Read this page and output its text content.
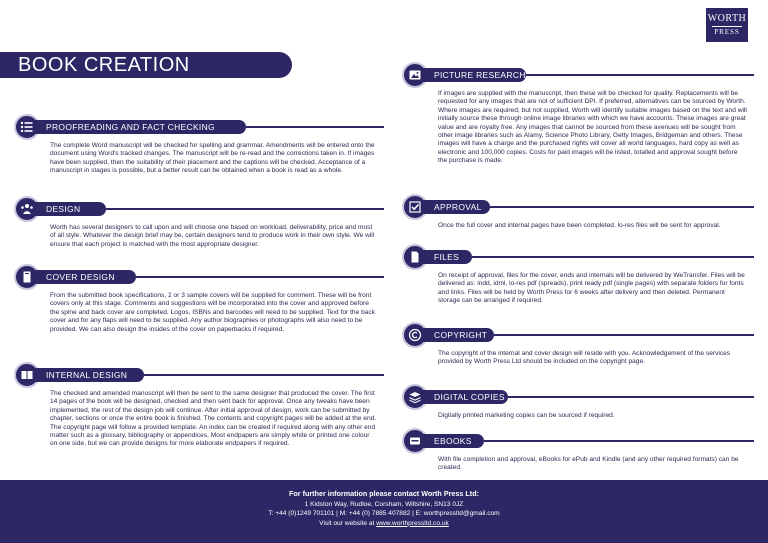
WORTH
PRESS
BOOK CREATION SERVICES
PROOFREADING AND FACT CHECKING
The complete Word manuscript will be checked for spelling and grammar. Amendments will be entered onto the document using Word's tracked changes. The manuscript will be re-read and the corrections taken in. If images have been supplied, then the suitability of their placement and the captions will be checked. Acceptance of a manuscript in stages is possible, but a better result can be obtained when a book is read as a whole.
DESIGN
Worth has several designers to call upon and will choose one based on workload, deliverability, price and most of all style. Whatever the design brief may be, certain designers tend to produce work in their own style. We will ensure that each project is matched with the most appropriate designer.
COVER DESIGN
From the submitted book specifications, 2 or 3 sample covers will be supplied for comment. These will be front covers only at this stage. Comments and suggestions will be incorporated into the cover and approved before the spine and back cover are completed. Logos, ISBNs and barcodes will need to be supplied. Text for the back cover and for any flaps will need to be supplied. Any author biographies or photographs will also need to be provided. We can also design the insides of the cover on paperbacks if required.
INTERNAL DESIGN
The checked and amended manuscript will then be sent to the same designer that produced the cover. The first 14 pages of the book will be designed, checked and then sent back for approval. Once any tweaks have been implemented, the rest of the design job will continue. After initial approval of design, work can be submitted by chapter, sections or once the entire book is finished. The contents and copyright pages will be added at the end. The copyright page will follow a provided template. An index can be created if required along with any other end matter such as a glossary, bibliography or appendices. Most endpapers are simply white or printed one colour on one side, but we can provide designs for more elaborate endpapers if required.
PICTURE RESEARCH
If images are supplied with the manuscript, then these will be checked for quality. Replacements will be requested for any images that are not of sufficient DPI. If preferred, alternatives can be sourced by Worth. Where images are required, but not supplied, Worth will identify suitable images based on the text and will initially source these through online image libraries with which we have accounts. These images are great value and are royalty free. Any images that cannot be sourced from these avenues will be sought from other image libraries such as Alamy, Science Photo Library, Getty Images, Bridgeman and others. These images will have a charge and the purchased rights will cover all world languages, hard copy as well as electronic and 100,000 copies. Costs for paid images will be listed, totalled and approval sought before the purchase is made.
APPROVAL
Once the full cover and internal pages have been completed, lo-res files will be sent for approval.
FILES
On receipt of approval, files for the cover, ends and internals will be delivered by WeTransfer. Files will be delivered as: indd, idml, lo-res pdf (spreads), print ready pdf (single pages) with separate folders for fonts and links. Files will be held by Worth Press for 6 weeks after delivery and then deleted. Permanent storage can be arranged if required.
COPYRIGHT
The copyright of the internal and cover design will reside with you. Acknowledgement of the services provided by Worth Press Ltd should be included on the copyright page.
DIGITAL COPIES
Digitally printed marketing copies can be sourced if required.
EBOOKS
With file completion and approval, eBooks for ePub and Kindle (and any other required formats) can be created.
For further information please contact Worth Press Ltd:
1 Kidston Way, Rudloe, Corsham, Wiltshire, SN13 0JZ
T: +44 (0)1249 701101 | M: +44 (0) 7885 407882 | E: worthpressltd@gmail.com
Visit our website at www.worthpressltd.co.uk
